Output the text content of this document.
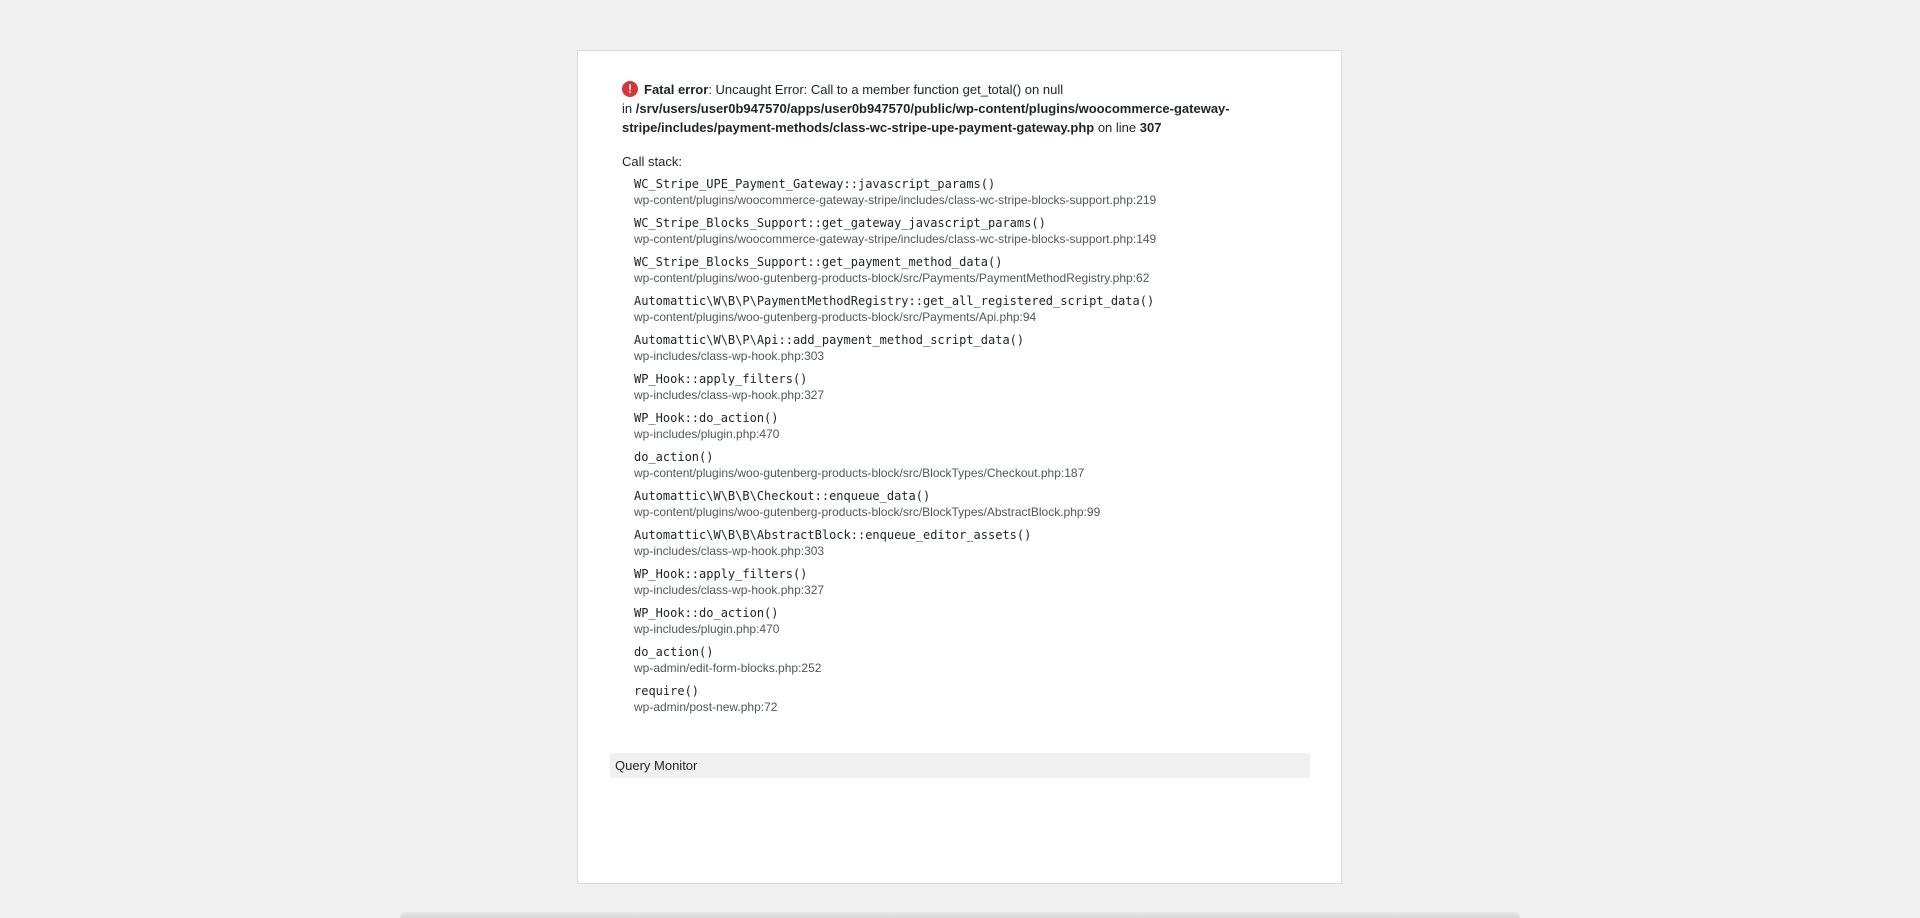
!Fatal error: Uncaught Error: Call to a member function get_total() on null
in /srv/users/user0b947570/apps/user0b947570/public/wp-content/plugins/woocommerce-gateway-stripe/includes/payment-methods/class-wc-stripe-upe-payment-gateway.php on line 307
Call stack:
WC_Stripe_UPE_Payment_Gateway::javascript_params()
wp-content/plugins/woocommerce-gateway-stripe/includes/class-wc-stripe-blocks-support.php:219
WC_Stripe_Blocks_Support::get_gateway_javascript_params()
wp-content/plugins/woocommerce-gateway-stripe/includes/class-wc-stripe-blocks-support.php:149
WC_Stripe_Blocks_Support::get_payment_method_data()
wp-content/plugins/woo-gutenberg-products-block/src/Payments/PaymentMethodRegistry.php:62
Automattic\W\B\P\PaymentMethodRegistry::get_all_registered_script_data()
wp-content/plugins/woo-gutenberg-products-block/src/Payments/Api.php:94
Automattic\W\B\P\Api::add_payment_method_script_data()
wp-includes/class-wp-hook.php:303
WP_Hook::apply_filters()
wp-includes/class-wp-hook.php:327
WP_Hook::do_action()
wp-includes/plugin.php:470
do_action()
wp-content/plugins/woo-gutenberg-products-block/src/BlockTypes/Checkout.php:187
Automattic\W\B\B\Checkout::enqueue_data()
wp-content/plugins/woo-gutenberg-products-block/src/BlockTypes/AbstractBlock.php:99
Automattic\W\B\B\AbstractBlock::enqueue_editor_assets()
wp-includes/class-wp-hook.php:303
WP_Hook::apply_filters()
wp-includes/class-wp-hook.php:327
WP_Hook::do_action()
wp-includes/plugin.php:470
do_action()
wp-admin/edit-form-blocks.php:252
require()
wp-admin/post-new.php:72
Query Monitor
